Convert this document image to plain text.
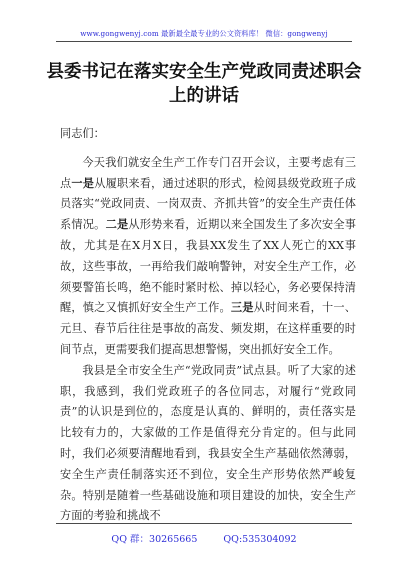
www.gongwenyj.com 最新最全最专业的公文资料库！ 微信：gongwenyj
县委书记在落实安全生产党政同责述职会上的讲话

同志们：

今天我们就安全生产工作专门召开会议，主要考虑有三点一是从履职来看，通过述职的形式，检阅县级党政班子成员落实“党政同责、一岗双责、齐抓共管”的安全生产责任体系情况。二是从形势来看，近期以来全国发生了多次安全事故，尤其是在X月X日，我县XX发生了XX人死亡的XX事故，这些事故，一再给我们敲响警钟，对安全生产工作，必须要警笛长鸣，绝不能时紧时松、掉以轻心，务必要保持清醒，慎之又慎抓好安全生产工作。三是从时间来看，十一、元旦、春节后往往是事故的高发、频发期，在这样重要的时间节点，更需要我们提高思想警惕，突出抓好安全工作。

我县是全市安全生产“党政同责”试点县。听了大家的述职，我感到，我们党政班子的各位同志，对履行“党政同责”的认识是到位的，态度是认真的、鲜明的，责任落实是比较有力的，大家做的工作是值得充分肯定的。但与此同时，我们必须要清醒地看到，我县安全生产基础依然薄弱，安全生产责任制落实还不到位，安全生产形势依然严峻复杂。特别是随着一些基础设施和项目建设的加快，安全生产方面的考验和挑战不

QQ 群：30265665	QQ:535304092
